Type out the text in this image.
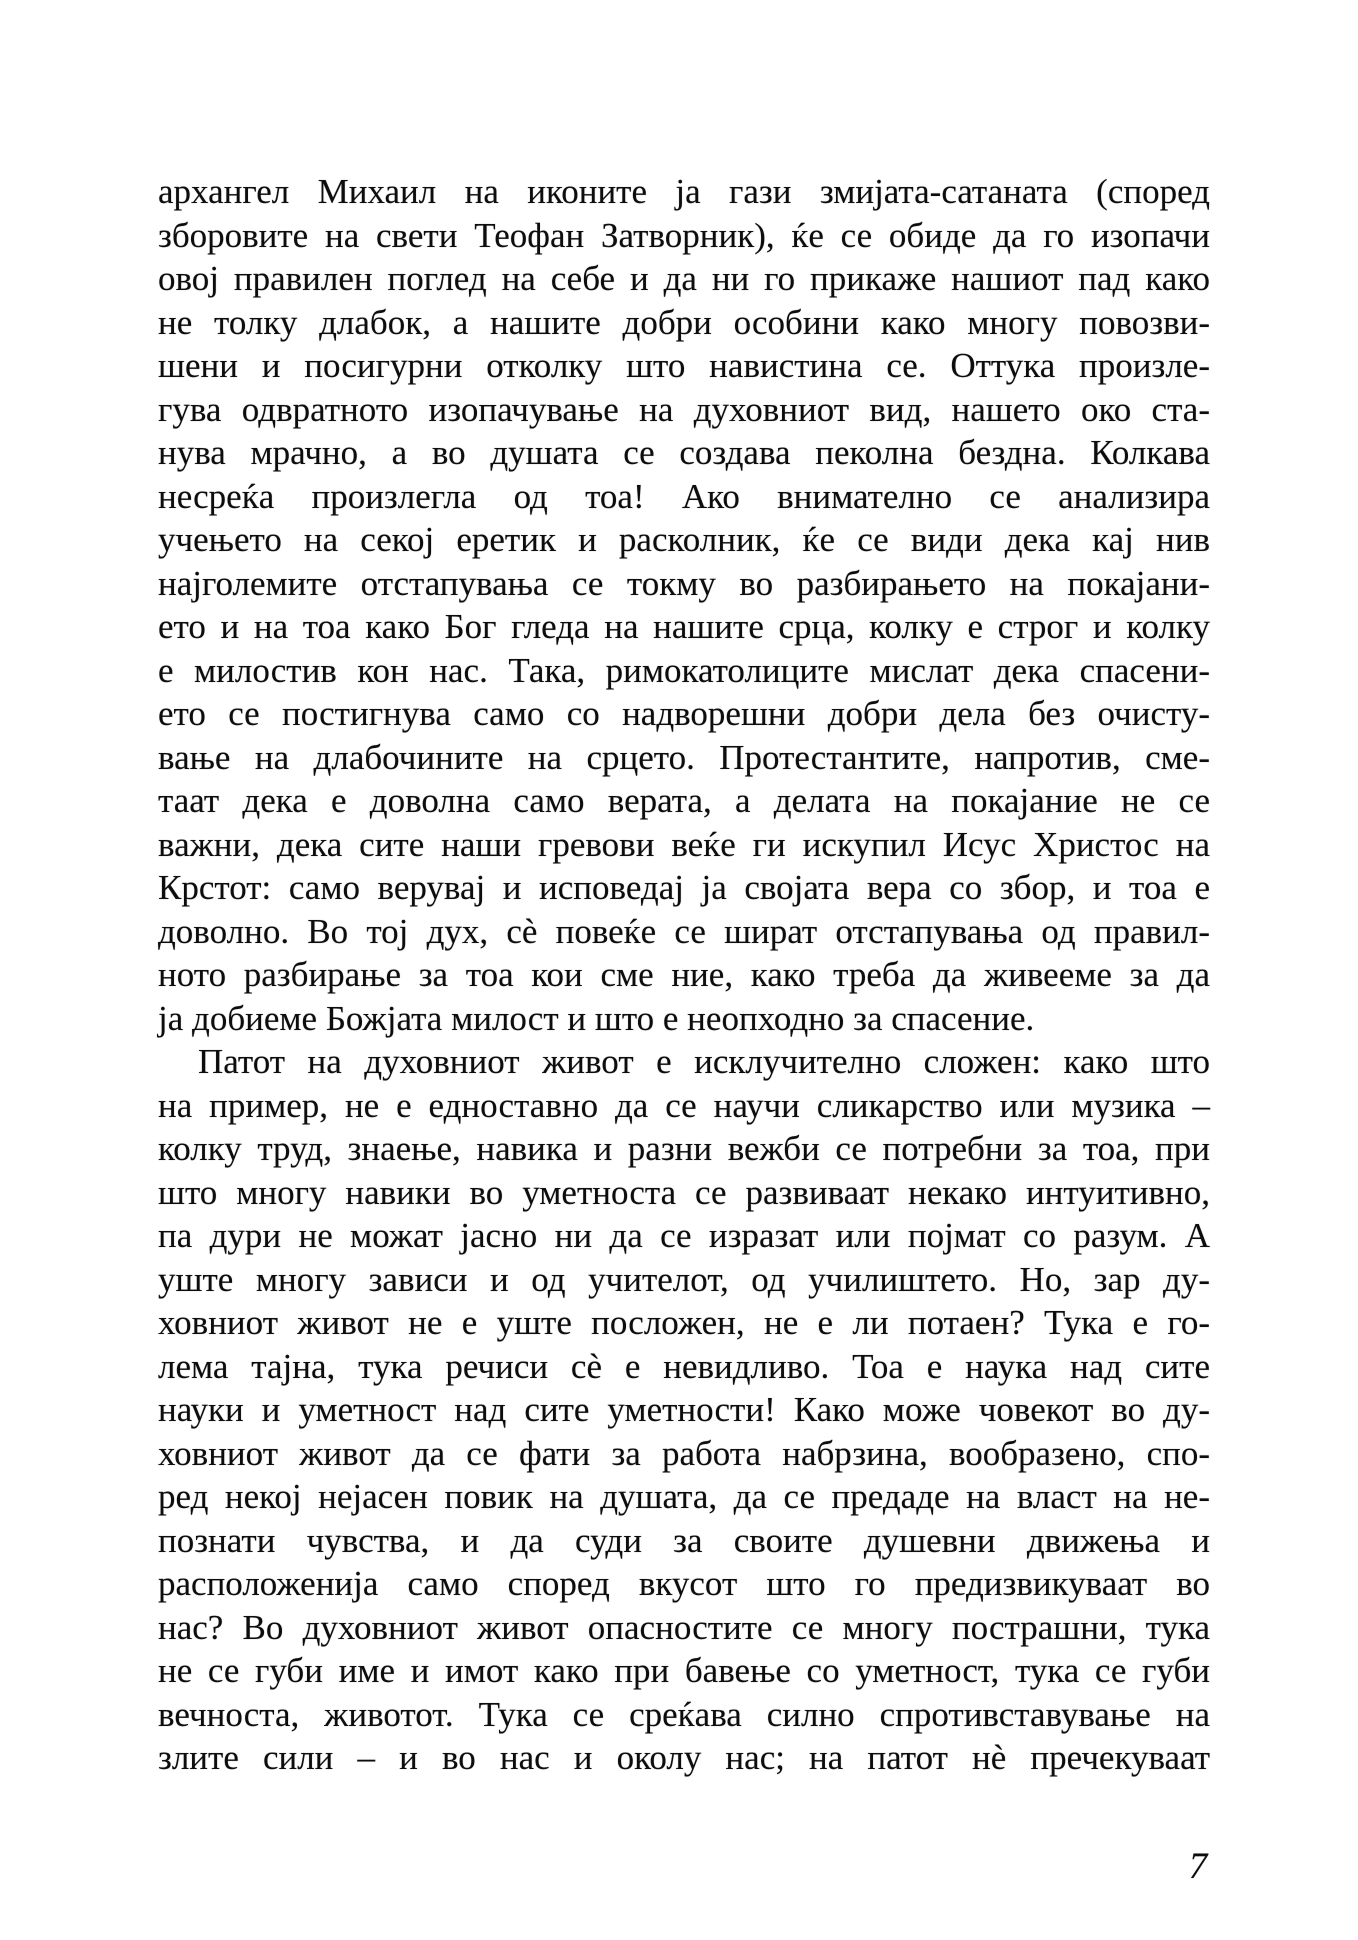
архангел Михаил на иконите ја гази змијата-сатаната (според
зборовите на свети Теофан Затворник), ќе се обиде да го изопачи
овој правилен поглед на себе и да ни го прикаже нашиот пад како
не толку длабок, а нашите добри особини како многу повозви-
шени и посигурни отколку што навистина се. Оттука произле-
гува одвратното изопачување на духовниот вид, нашето око ста-
нува мрачно, а во душата се создава пеколна бездна. Колкава
несреќа произлегла од тоа! Ако внимателно се анализира
учењето на секој еретик и расколник, ќе се види дека кај нив
најголемите отстапувања се токму во разбирањето на покајани-
ето и на тоа како Бог гледа на нашите срца, колку е строг и колку
е милостив кон нас. Така, римокатолиците мислат дека спасени-
ето се постигнува само со надворешни добри дела без очисту-
вање на длабочините на срцето. Протестантите, напротив, сме-
таат дека е доволна само верата, а делата на покајание не се
важни, дека сите наши гревови веќе ги искупил Исус Христос на
Крстот: само верувај и исповедај ја својата вера со збор, и тоа е
доволно. Во тој дух, сѐ повеќе се шират отстапувања од правил-
ното разбирање за тоа кои сме ние, како треба да живееме за да
ја добиеме Божјата милост и што е неопходно за спасение.
Патот на духовниот живот е исклучително сложен: како што
на пример, не е едноставно да се научи сликарство или музика –
колку труд, знаење, навика и разни вежби се потребни за тоа, при
што многу навики во уметноста се развиваат некако интуитивно,
па дури не можат јасно ни да се изразат или појмат со разум. А
уште многу зависи и од учителот, од училиштето. Но, зар ду-
ховниот живот не е уште посложен, не е ли потаен? Тука е го-
лема тајна, тука речиси сѐ е невидливо. Тоа е наука над сите
науки и уметност над сите уметности! Како може човекот во ду-
ховниот живот да се фати за работа набрзина, вообразено, спо-
ред некој нејасен повик на душата, да се предаде на власт на не-
познати чувства, и да суди за своите душевни движења и
расположенија само според вкусот што го предизвикуваат во
нас? Во духовниот живот опасностите се многу пострашни, тука
не се губи име и имот како при бавење со уметност, тука се губи
вечноста, животот. Тука се среќава силно спротивставување на
злите сили – и во нас и околу нас; на патот нѐ пречекуваат
7
